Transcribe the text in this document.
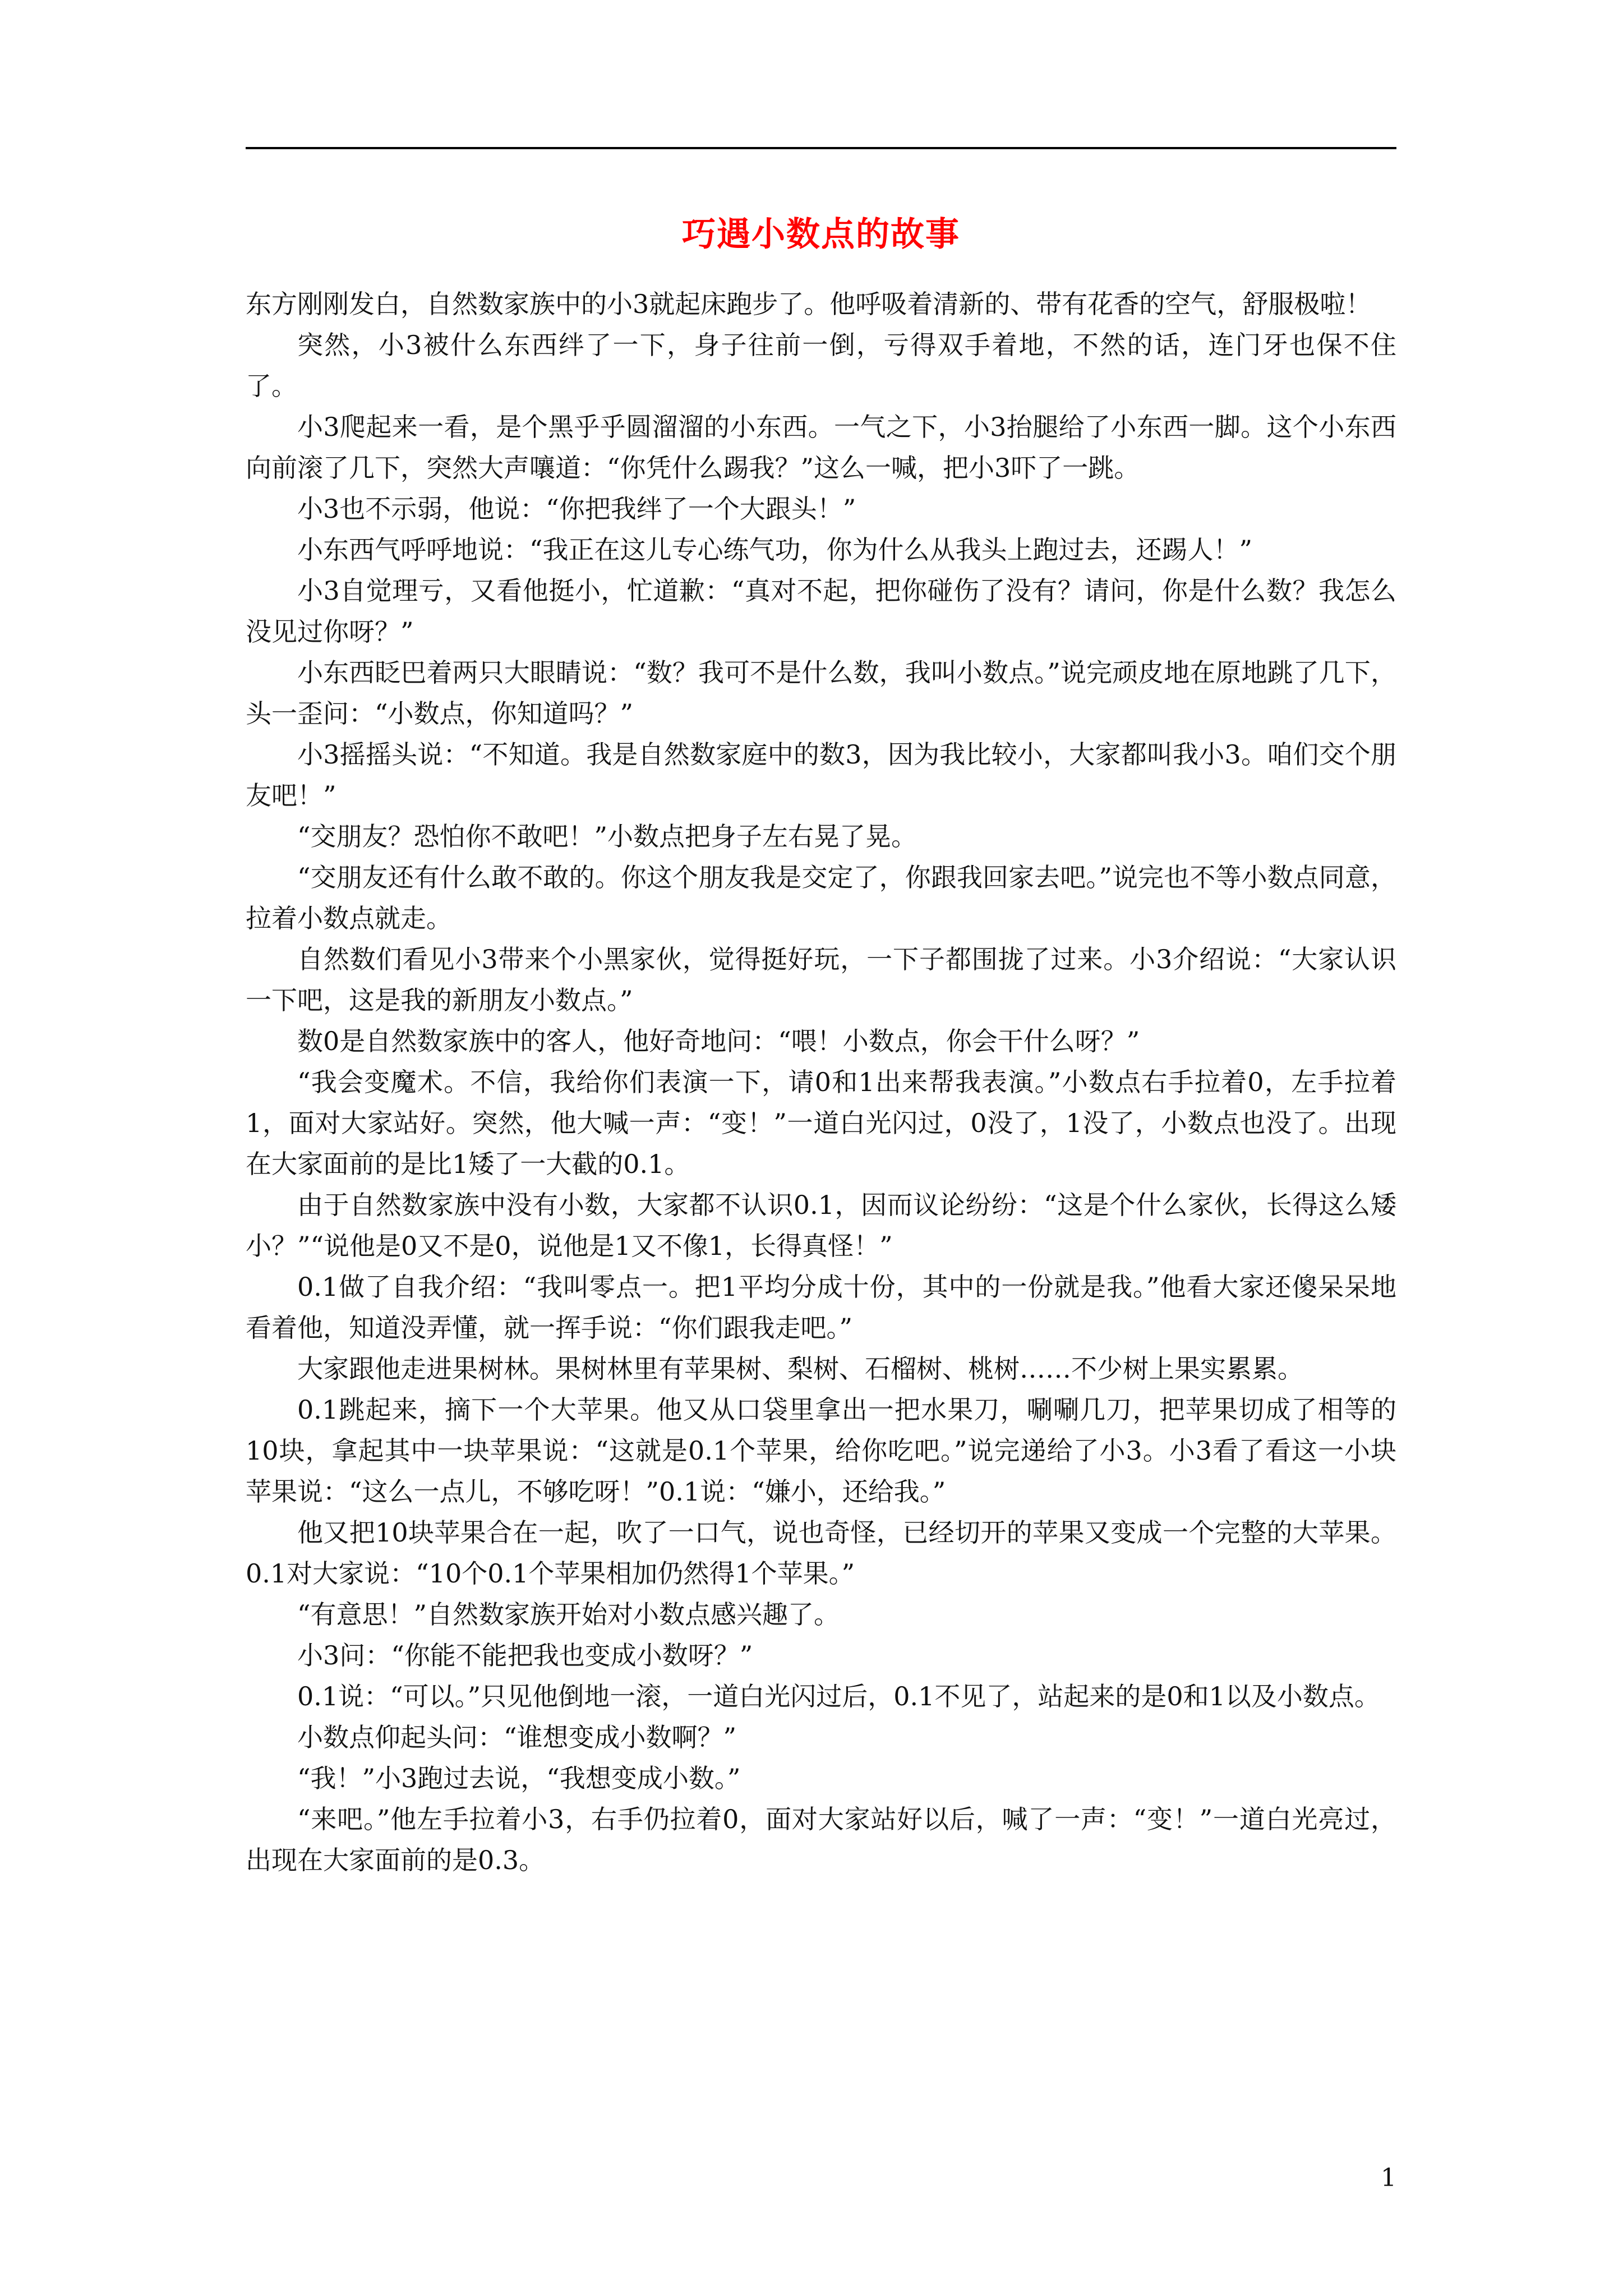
巧遇小数点的故事

东方刚刚发白，自然数家族中的小3就起床跑步了。他呼吸着清新的、带有花香的空气，舒服极啦！

突然，小3被什么东西绊了一下，身子往前一倒，亏得双手着地，不然的话，连门牙也保不住了。

小3爬起来一看，是个黑乎乎圆溜溜的小东西。一气之下，小3抬腿给了小东西一脚。这个小东西向前滚了几下，突然大声嚷道：“你凭什么踢我？”这么一喊，把小3吓了一跳。

小3也不示弱，他说：“你把我绊了一个大跟头！”

小东西气呼呼地说：“我正在这儿专心练气功，你为什么从我头上跑过去，还踢人！”

小3自觉理亏，又看他挺小，忙道歉：“真对不起，把你碰伤了没有？请问，你是什么数？我怎么没见过你呀？”

小东西眨巴着两只大眼睛说：“数？我可不是什么数，我叫小数点。”说完顽皮地在原地跳了几下，头一歪问：“小数点，你知道吗？”

小3摇摇头说：“不知道。我是自然数家庭中的数3，因为我比较小，大家都叫我小3。咱们交个朋友吧！”

“交朋友？恐怕你不敢吧！”小数点把身子左右晃了晃。

“交朋友还有什么敢不敢的。你这个朋友我是交定了，你跟我回家去吧。”说完也不等小数点同意，拉着小数点就走。

自然数们看见小3带来个小黑家伙，觉得挺好玩，一下子都围拢了过来。小3介绍说：“大家认识一下吧，这是我的新朋友小数点。”

数0是自然数家族中的客人，他好奇地问：“喂！小数点，你会干什么呀？”

“我会变魔术。不信，我给你们表演一下，请0和1出来帮我表演。”小数点右手拉着0，左手拉着1，面对大家站好。突然，他大喊一声：“变！”一道白光闪过，0没了，1没了，小数点也没了。出现在大家面前的是比1矮了一大截的0.1。

由于自然数家族中没有小数，大家都不认识0.1，因而议论纷纷：“这是个什么家伙，长得这么矮小？”“说他是0又不是0，说他是1又不像1，长得真怪！”

0.1做了自我介绍：“我叫零点一。把1平均分成十份，其中的一份就是我。”他看大家还傻呆呆地看着他，知道没弄懂，就一挥手说：“你们跟我走吧。”

大家跟他走进果树林。果树林里有苹果树、梨树、石榴树、桃树……不少树上果实累累。

0.1跳起来，摘下一个大苹果。他又从口袋里拿出一把水果刀，唰唰几刀，把苹果切成了相等的10块，拿起其中一块苹果说：“这就是0.1个苹果，给你吃吧。”说完递给了小3。小3看了看这一小块苹果说：“这么一点儿，不够吃呀！”0.1说：“嫌小，还给我。”

他又把10块苹果合在一起，吹了一口气，说也奇怪，已经切开的苹果又变成一个完整的大苹果。0.1对大家说：“10个0.1个苹果相加仍然得1个苹果。”

“有意思！”自然数家族开始对小数点感兴趣了。

小3问：“你能不能把我也变成小数呀？”

0.1说：“可以。”只见他倒地一滚，一道白光闪过后，0.1不见了，站起来的是0和1以及小数点。

小数点仰起头问：“谁想变成小数啊？”

“我！”小3跑过去说，“我想变成小数。”

“来吧。”他左手拉着小3，右手仍拉着0，面对大家站好以后，喊了一声：“变！”一道白光亮过，出现在大家面前的是0.3。

1
